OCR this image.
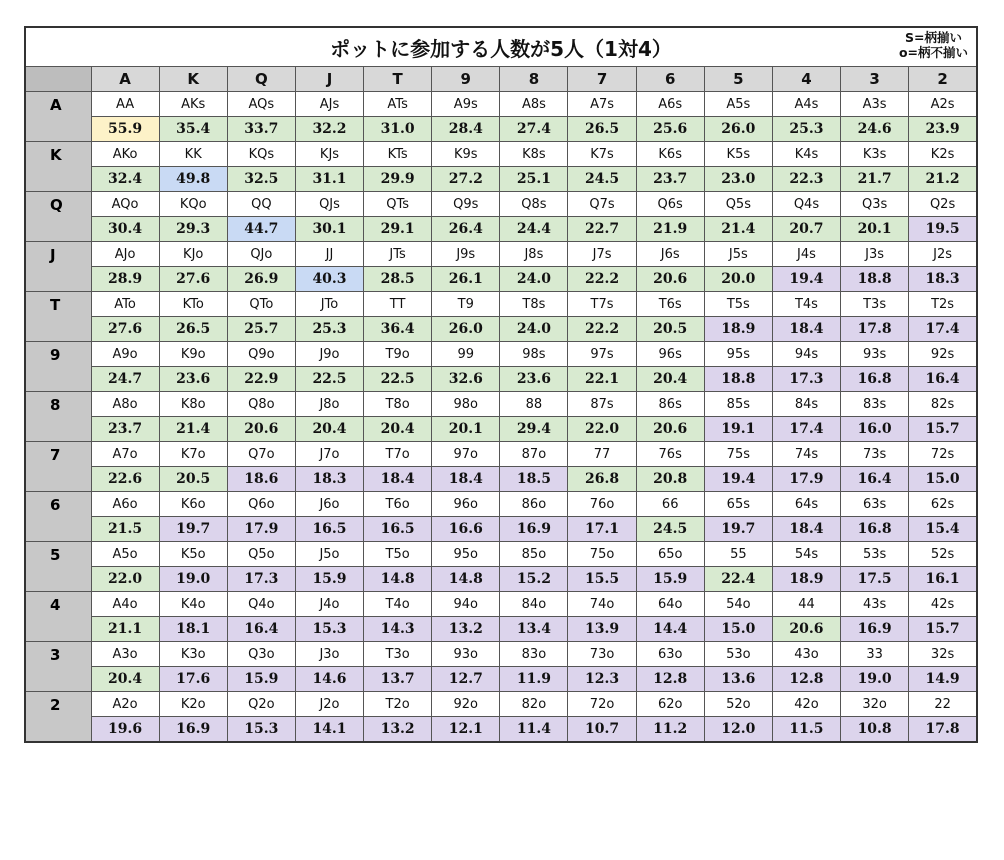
ポットに参加する人数が5人（1対4） S=柄揃い
o=柄不揃い													

	A	K	Q	J	T	9	8	7	6	5	4	3	2
A	AA	AKs	AQs	AJs	ATs	A9s	A8s	A7s	A6s	A5s	A4s	A3s	A2s
	55.9	35.4	33.7	32.2	31.0	28.4	27.4	26.5	25.6	26.0	25.3	24.6	23.9
K	AKo	KK	KQs	KJs	KTs	K9s	K8s	K7s	K6s	K5s	K4s	K3s	K2s
	32.4	49.8	32.5	31.1	29.9	27.2	25.1	24.5	23.7	23.0	22.3	21.7	21.2
Q	AQo	KQo	QQ	QJs	QTs	Q9s	Q8s	Q7s	Q6s	Q5s	Q4s	Q3s	Q2s
	30.4	29.3	44.7	30.1	29.1	26.4	24.4	22.7	21.9	21.4	20.7	20.1	19.5
J	AJo	KJo	QJo	JJ	JTs	J9s	J8s	J7s	J6s	J5s	J4s	J3s	J2s
	28.9	27.6	26.9	40.3	28.5	26.1	24.0	22.2	20.6	20.0	19.4	18.8	18.3
T	ATo	KTo	QTo	JTo	TT	T9	T8s	T7s	T6s	T5s	T4s	T3s	T2s
	27.6	26.5	25.7	25.3	36.4	26.0	24.0	22.2	20.5	18.9	18.4	17.8	17.4
9	A9o	K9o	Q9o	J9o	T9o	99	98s	97s	96s	95s	94s	93s	92s
	24.7	23.6	22.9	22.5	22.5	32.6	23.6	22.1	20.4	18.8	17.3	16.8	16.4
8	A8o	K8o	Q8o	J8o	T8o	98o	88	87s	86s	85s	84s	83s	82s
	23.7	21.4	20.6	20.4	20.4	20.1	29.4	22.0	20.6	19.1	17.4	16.0	15.7
7	A7o	K7o	Q7o	J7o	T7o	97o	87o	77	76s	75s	74s	73s	72s
	22.6	20.5	18.6	18.3	18.4	18.4	18.5	26.8	20.8	19.4	17.9	16.4	15.0
6	A6o	K6o	Q6o	J6o	T6o	96o	86o	76o	66	65s	64s	63s	62s
	21.5	19.7	17.9	16.5	16.5	16.6	16.9	17.1	24.5	19.7	18.4	16.8	15.4
5	A5o	K5o	Q5o	J5o	T5o	95o	85o	75o	65o	55	54s	53s	52s
	22.0	19.0	17.3	15.9	14.8	14.8	15.2	15.5	15.9	22.4	18.9	17.5	16.1
4	A4o	K4o	Q4o	J4o	T4o	94o	84o	74o	64o	54o	44	43s	42s
	21.1	18.1	16.4	15.3	14.3	13.2	13.4	13.9	14.4	15.0	20.6	16.9	15.7
3	A3o	K3o	Q3o	J3o	T3o	93o	83o	73o	63o	53o	43o	33	32s
	20.4	17.6	15.9	14.6	13.7	12.7	11.9	12.3	12.8	13.6	12.8	19.0	14.9
2	A2o	K2o	Q2o	J2o	T2o	92o	82o	72o	62o	52o	42o	32o	22
	19.6	16.9	15.3	14.1	13.2	12.1	11.4	10.7	11.2	12.0	11.5	10.8	17.8
